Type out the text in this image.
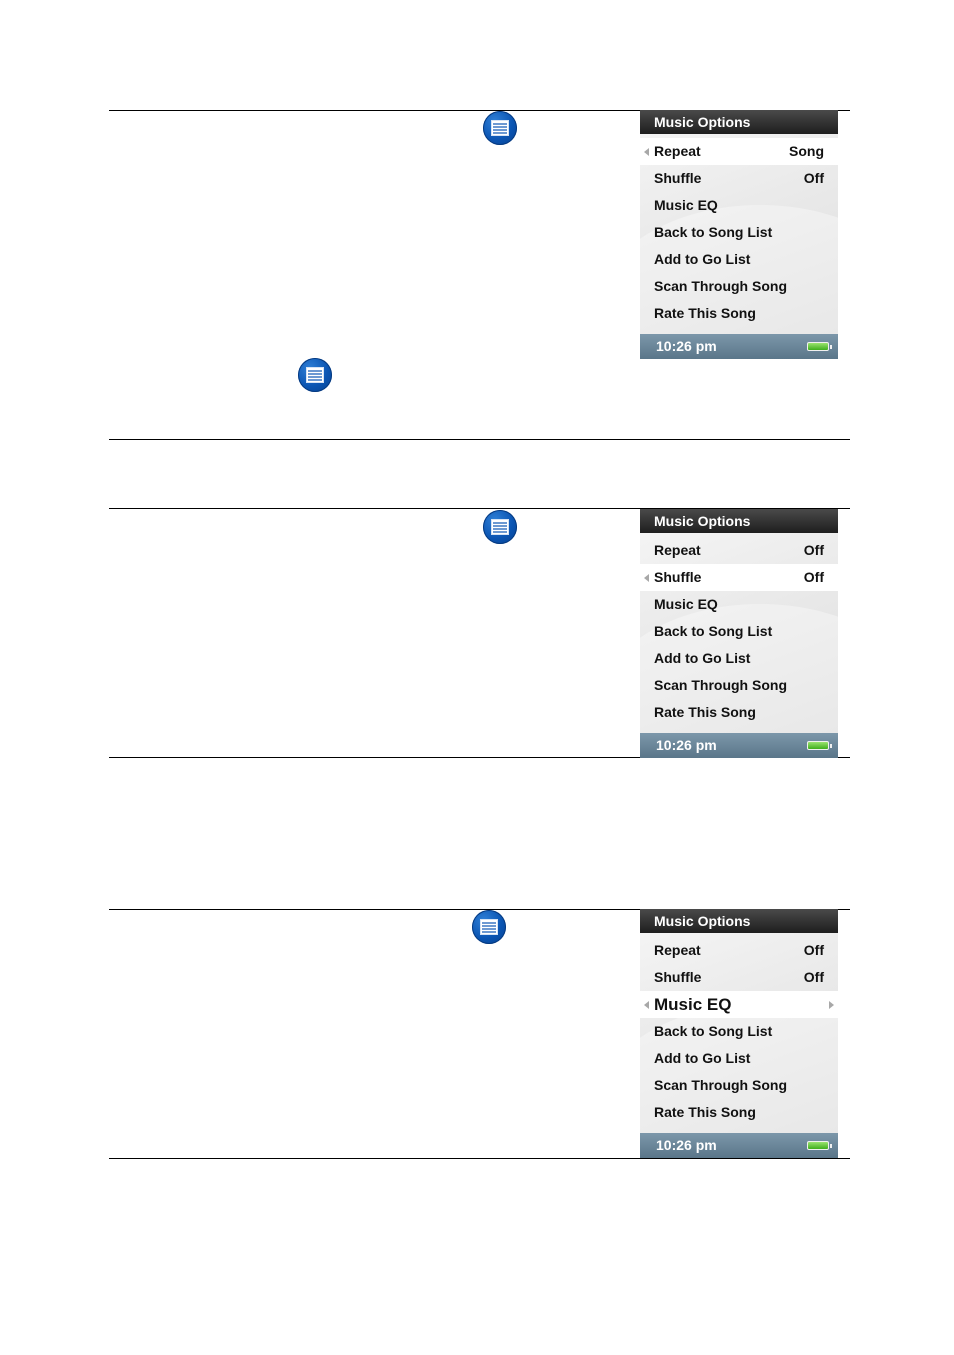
Music Options
Repeat	Song
Shuffle	Off
Music EQ
Back to Song List
Add to Go List
Scan Through Song
Rate This Song
10:26 pm
Music Options
Repeat	Off
Shuffle	Off
Music EQ
Back to Song List
Add to Go List
Scan Through Song
Rate This Song
10:26 pm
Music Options
Repeat	Off
Shuffle	Off
Music EQ
Back to Song List
Add to Go List
Scan Through Song
Rate This Song
10:26 pm
